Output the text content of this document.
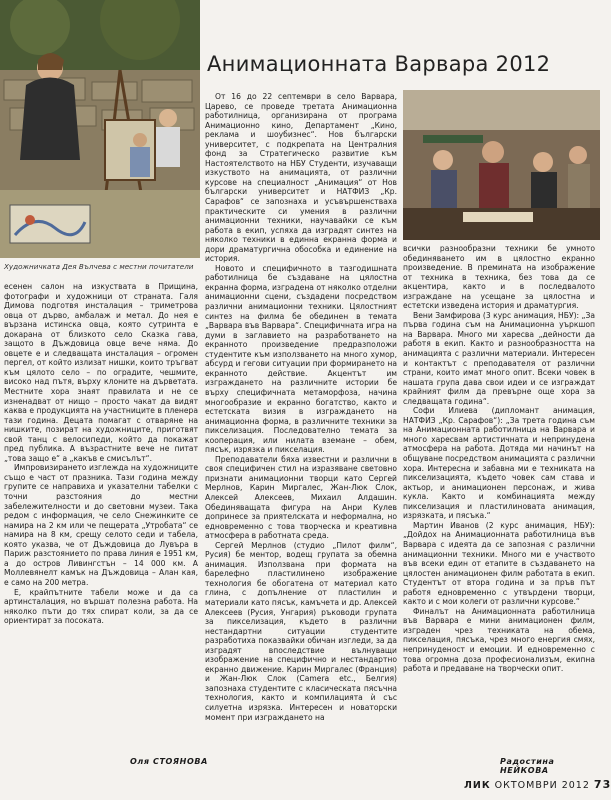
Художничката Дея Вълчева с местни почитатели
Анимационната Варвара 2012

есенен салон на изкуствата в Прищина, фотографи и художници от страната. Галя Димова подготвя инсталация – триметрова овца от дърво, амбалаж и метал. До нея е вързана истинска овца, която сутринта е докарана от близкото село Сказка гава, защото в Дъждовица овце вече няма. До овцете е и следващата инсталация – огромен пергел, от който излизат нишки, които тръгват към цялото село – по оградите, чешмите, високо над пътя, върху клоните на дърветата. Местните хора знаят правилата и не се изненадват от нищо – просто чакат да видят каква е продукцията на участниците в пленера тази година. Децата помагат с отваряне на нишките, позират на художниците, приготвят свой танц с велосипеди, който да покажат пред публика. А възрастните вече не питат „това защо е“ а „какъв е смисълът“.

Импровизирането изглежда на художниците също е част от празника. Тази година между групите се направиха и указателни табелки с точни разстояния до местни забележителности и до световни музеи. Така редом с информация, че село Снежинките се намира на 2 км или че пещерата „Утробата“ се намира на 8 км, срещу селото седи и табела, която указва, че от Дъждовица до Лувъра в Париж разстоянието по права линия е 1951 км, а до остров Ливингстън – 14 000 км. А Моллевянелт камък на Дъждовица – Алан кая, е само на 200 метра.

Е, крайпътните табели може и да са артинсталация, но вършат полезна работа. На няколко пъти до тях спират коли, за да се ориентират за посоката.

Оля СТОЯНОВА

От 16 до 22 септември в село Варвара, Царево, се проведе третата Анимационна работилница, организирана от програма Анимационно кино, Департамент „Кино, реклама и шоубизнес“. Нов български университет, с подкрепата на Централния фонд за Стратегическо развитие към Настоятелството на НБУ Студенти, изучаващи изкуството на анимацията, от различни курсове на специалност „Анимация“ от Нов български университет и НАТФИЗ „Кр. Сарафов“ се запознаха и усъвършенстваха практическите си умения в различни анимационни техники, научавайки се към работа в екип, успяха да изградят синтез на няколко техники в единна екранна форма и дори драматургична обособка и единение на история.

Новото и специфичното в тазгодишната работилница бе създаване на цялостна екранна форма, изградена от няколко отделни анимационни сцени, създадени посредством различни анимационни техники. Цялостният синтез на филма бе обединен в темата „Варвара във Варвара“. Специфичната игра на думи в заглавието на разработването на екранното произведение предразположи студентите към използването на много хумор, абсурд и гегови ситуации при формирането на екранното действие. Акцентът им изграждането на различните истории бе върху специфичната метаморфоза, начина многообразие и екранно богатство, както и естетската визия в изграждането на анимационна форма, в различните техники за пикселизация. Последователно темата за кооперация, или нилата вземане – обем, пясък, изрязка и пикселация.

Преподаватели бяха известни и различни в своя специфичен стил на изразяване световно признати анимационни творци като Сергей Мерлнов, Карин Миргалес, Жан-Люк Слок, Алексей Алексеев, Михаил Алдашин. Обединяващата фигура на Анри Кулев допринесе за приятелската и неформална, но едновременно с това творческа и креативна атмосфера в работната среда.

Сергей Мерлнов (студио „Пилот филм“, Русия) бе ментор, водещ групата за обемна анимация. Използвана при формата на барелефно пластилинено изображение технология бе обогатена от материал като глина, с допълнение от пластилин и материали като пясък, камъчета и др. Алексей Алексеев (Русия, Унгария) ръководи групата за пикселизация, където в различни нестандартни ситуации студентите разработиха показвайки обичан изгледи, за да изградят впоследствие вълнуващи изображение на специфично и нестандартно екранно движение. Карин Миргалес (Франция) и Жан-Люк Слок (Camera etc., Белгия) запознаха студентите с класическата пясъчна технология, както и компилацията ѝ със силуетна изрязка. Интересен и новаторски момент при изграждането на

всички разнообразни техники бе умното обединяването им в цялостно екранно произведение. В премината на изображение от техника в техника, без това да се акцентира, както и в последвалото изграждане на усещане за цялостна и естетски изведена история и драматургия.

Вени Замфирова (3 курс анимация, НБУ): „За първа година съм на Анимационна уъркшоп на Варвара. Много ми харесва „дейности да работя в екип. Както и разнообразността на анимацията с различни материали. Интересен и контактът с преподавателя от различни страни, които имат много опит. Всеки човек в нашата група дава свои идеи и се изграждат крайният филм да превърне още хора за следващата година“.

Софи Илиева (дипломант анимация, НАТФИЗ „Кр. Сарафов“): „За трета година съм на Анимационната работилница на Варвара и много харесвам артистичната и непринудена атмосфера на работа. Дотяда ми начинът на общуване посредством анимацията с различни хора. Интересна и забавна ми е техниката на пикселизацията, където човек сам става и актьор, и анимационен персонаж, и жива кукла. Както и комбинацията между пикселизация и пластилиновата анимация, изрязката, и пясъка.“

Мартин Иванов (2 курс анимация, НБУ): „Дойдох на Анимационната работилница във Варвара с идеята да се запозная с различни анимационни техники. Много ми е учаството във всеки един от етапите в създаването на цялостен анимационен филм работата в екип. Студентът от втора година и за пръв път работя едновременно с утвърдени творци, както и с мои колеги от различни курсове.“

Финалът на Анимационната работилница във Варвара е мини анимационен филм, изграден чрез техниката на обема, пикселация, пясъка, чрез много енергия смях, непринуденост и емоции. И едновременно с това огромна доза професионализъм, екипна работа и предаване на творчески опит.

Радостина НЕЙКОВА
ЛИК ОКТОМВРИ 2012 73
